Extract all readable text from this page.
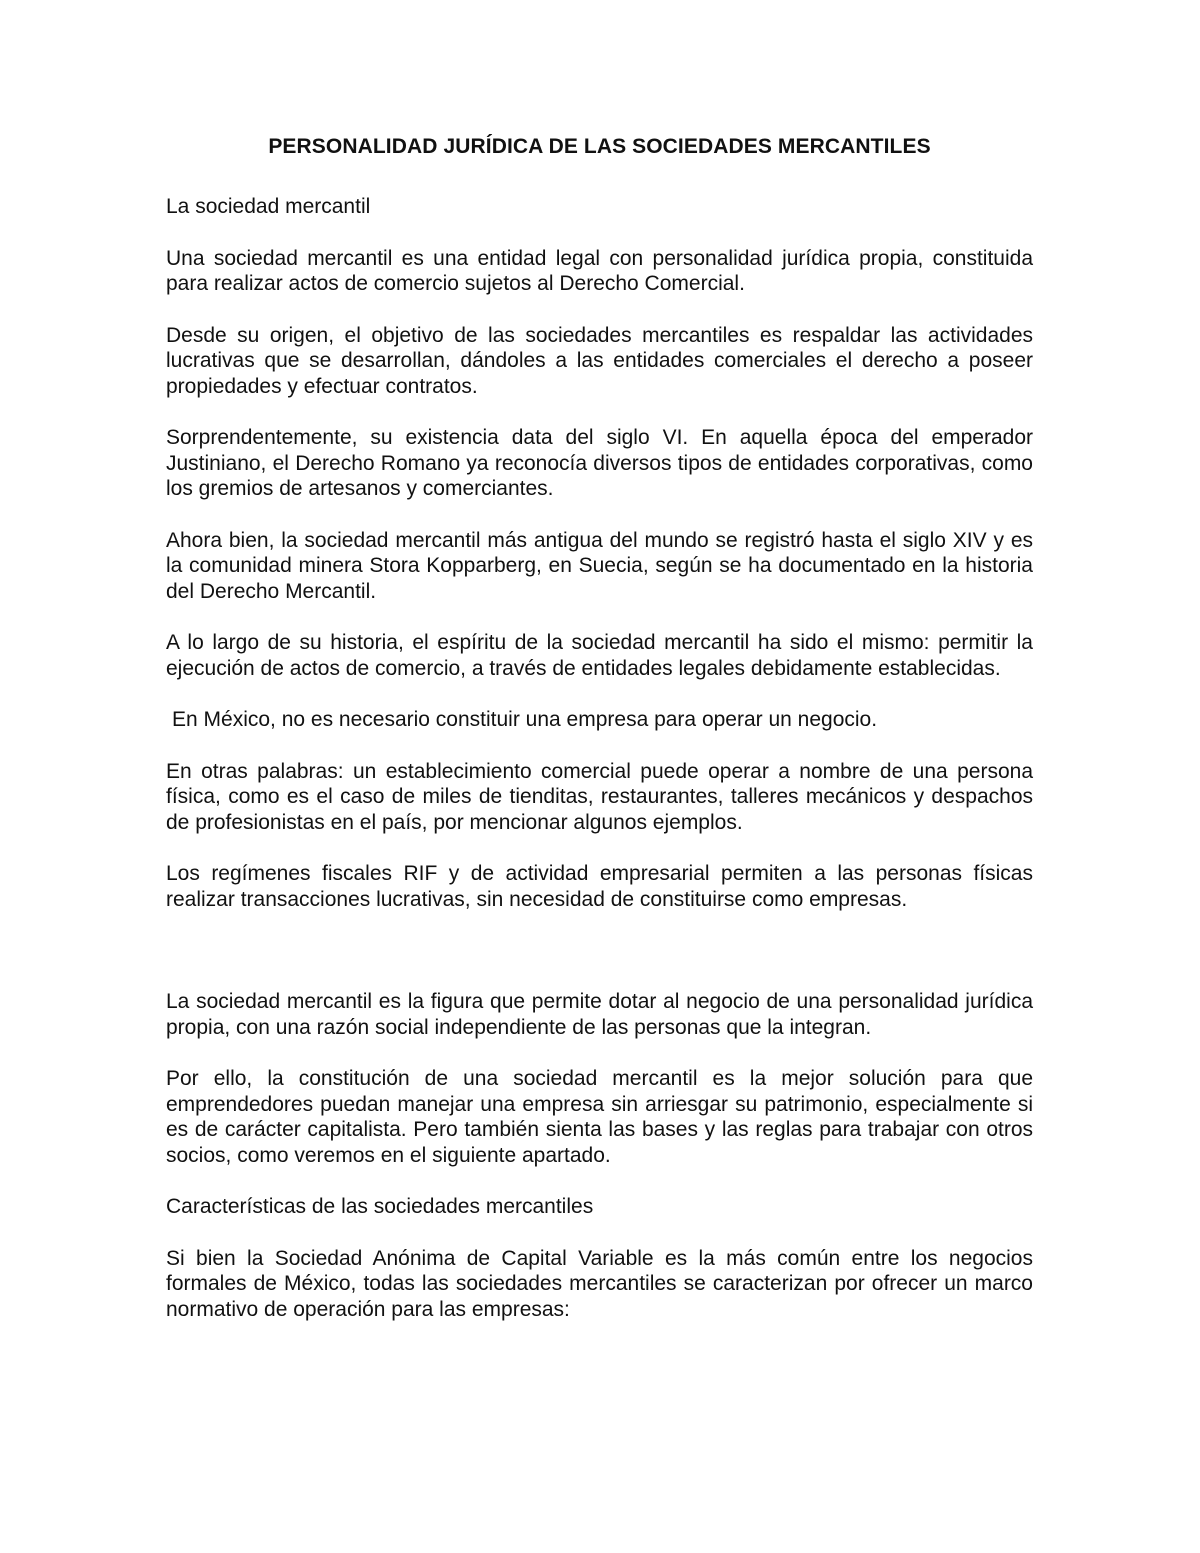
PERSONALIDAD JURÍDICA DE LAS SOCIEDADES MERCANTILES
La sociedad mercantil
Una sociedad mercantil es una entidad legal con personalidad jurídica propia, constituida para realizar actos de comercio sujetos al Derecho Comercial.
Desde su origen, el objetivo de las sociedades mercantiles es respaldar las actividades lucrativas que se desarrollan, dándoles a las entidades comerciales el derecho a poseer propiedades y efectuar contratos.
Sorprendentemente, su existencia data del siglo VI. En aquella época del emperador Justiniano, el Derecho Romano ya reconocía diversos tipos de entidades corporativas, como los gremios de artesanos y comerciantes.
Ahora bien, la sociedad mercantil más antigua del mundo se registró hasta el siglo XIV y es la comunidad minera Stora Kopparberg, en Suecia, según se ha documentado en la historia del Derecho Mercantil.
A lo largo de su historia, el espíritu de la sociedad mercantil ha sido el mismo: permitir la ejecución de actos de comercio, a través de entidades legales debidamente establecidas.
En México, no es necesario constituir una empresa para operar un negocio.
En otras palabras: un establecimiento comercial puede operar a nombre de una persona física, como es el caso de miles de tienditas, restaurantes, talleres mecánicos y despachos de profesionistas en el país, por mencionar algunos ejemplos.
Los regímenes fiscales RIF y de actividad empresarial permiten a las personas físicas realizar transacciones lucrativas, sin necesidad de constituirse como empresas.
La sociedad mercantil es la figura que permite dotar al negocio de una personalidad jurídica propia, con una razón social independiente de las personas que la integran.
Por ello, la constitución de una sociedad mercantil es la mejor solución para que emprendedores puedan manejar una empresa sin arriesgar su patrimonio, especialmente si es de carácter capitalista. Pero también sienta las bases y las reglas para trabajar con otros socios, como veremos en el siguiente apartado.
Características de las sociedades mercantiles
Si bien la Sociedad Anónima de Capital Variable es la más común entre los negocios formales de México, todas las sociedades mercantiles se caracterizan por ofrecer un marco normativo de operación para las empresas:
